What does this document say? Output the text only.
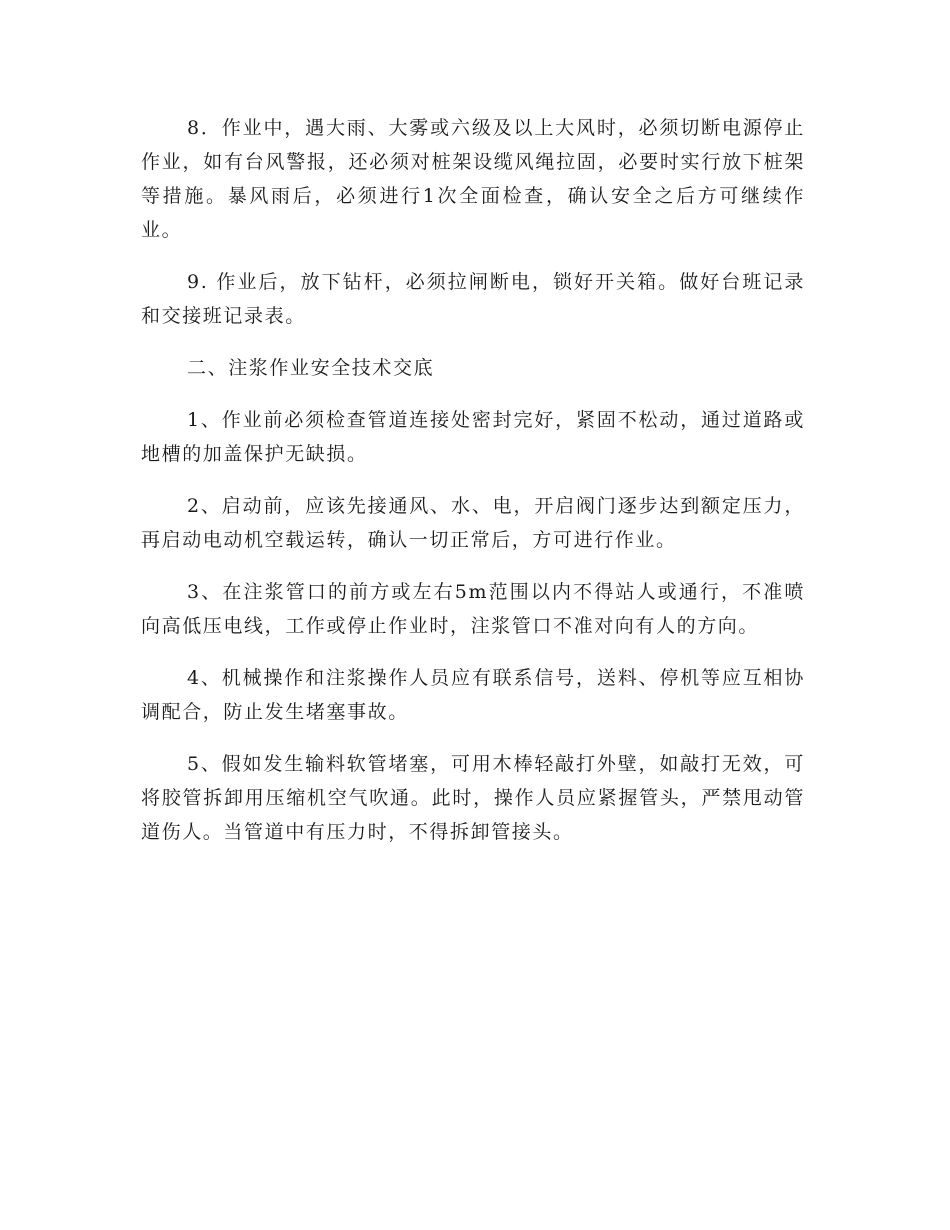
8．作业中，遇大雨、大雾或六级及以上大风时，必须切断电源停止作业，如有台风警报，还必须对桩架设缆风绳拉固，必要时实行放下桩架等措施。暴风雨后，必须进行1次全面检查，确认安全之后方可继续作业。

9. 作业后，放下钻杆，必须拉闸断电，锁好开关箱。做好台班记录和交接班记录表。

二、注浆作业安全技术交底

1、作业前必须检查管道连接处密封完好，紧固不松动，通过道路或地槽的加盖保护无缺损。

2、启动前，应该先接通风、水、电，开启阀门逐步达到额定压力，再启动电动机空载运转，确认一切正常后，方可进行作业。

3、在注浆管口的前方或左右5m范围以内不得站人或通行，不准喷向高低压电线，工作或停止作业时，注浆管口不准对向有人的方向。

4、机械操作和注浆操作人员应有联系信号，送料、停机等应互相协调配合，防止发生堵塞事故。

5、假如发生输料软管堵塞，可用木棒轻敲打外壁，如敲打无效，可将胶管拆卸用压缩机空气吹通。此时，操作人员应紧握管头，严禁甩动管道伤人。当管道中有压力时，不得拆卸管接头。
